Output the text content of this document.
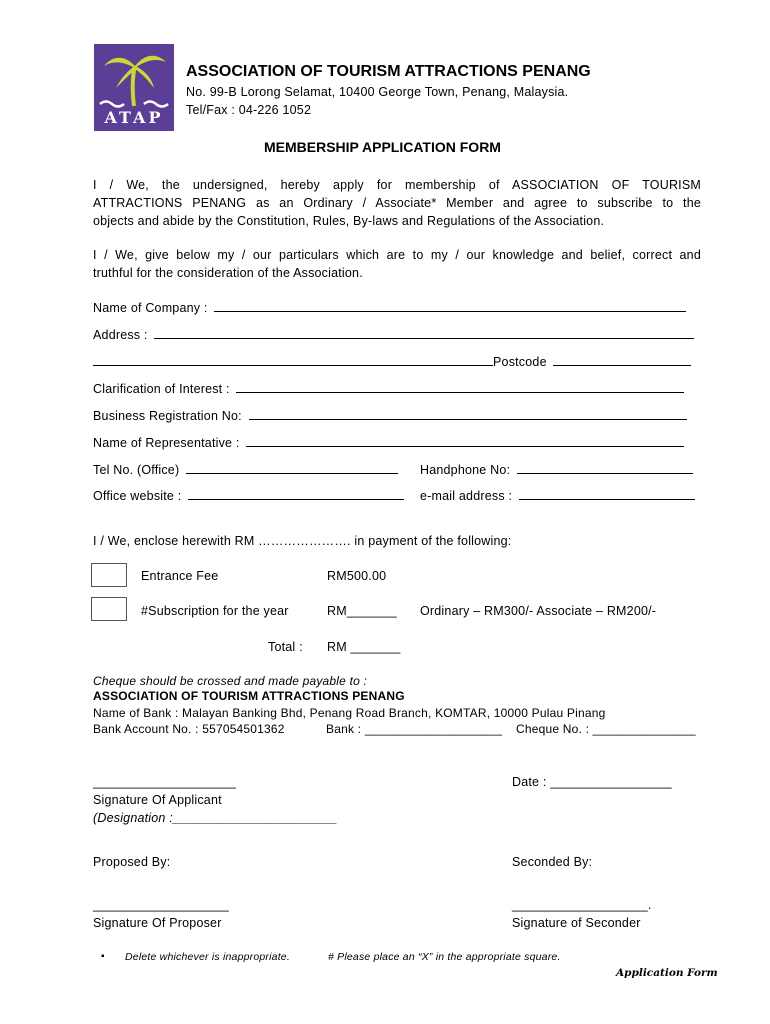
ATAP
ASSOCIATION OF TOURISM ATTRACTIONS PENANG
No. 99-B Lorong Selamat, 10400 George Town, Penang, Malaysia.
Tel/Fax : 04-226 1052
MEMBERSHIP APPLICATION FORM
I / We, the undersigned, hereby apply for membership of ASSOCIATION OF TOURISM
ATTRACTIONS PENANG as an Ordinary / Associate* Member and agree to subscribe to the
objects and abide by the Constitution, Rules, By-laws and Regulations of the Association.
I / We, give below my / our particulars which are to my / our knowledge and belief, correct and
truthful for the consideration of the Association.
Name of Company :
Address :
Postcode
Clarification of Interest :
Business Registration No:
Name of Representative :
Tel No. (Office)	Handphone No:
Office website :	e-mail address :
I / We, enclose herewith RM …………………. in payment of the following:
Entrance Fee	RM500.00
#Subscription for the year	RM_______ Ordinary – RM300/- Associate – RM200/-
Total : RM _______
Cheque should be crossed and made payable to :
ASSOCIATION OF TOURISM ATTRACTIONS PENANG
Name of Bank : Malayan Banking Bhd, Penang Road Branch, KOMTAR, 10000 Pulau Pinang
Bank Account No. : 557054501362	Bank : ____________________ Cheque No. : _______________
____________________	Date : _________________
Signature Of Applicant
(Designation :_______________________
Proposed By:	Seconded By:
___________________	___________________.
Signature Of Proposer	Signature of Seconder
▪ Delete whichever is inappropriate.	# Please place an “X” in the appropriate square.
Application Form
